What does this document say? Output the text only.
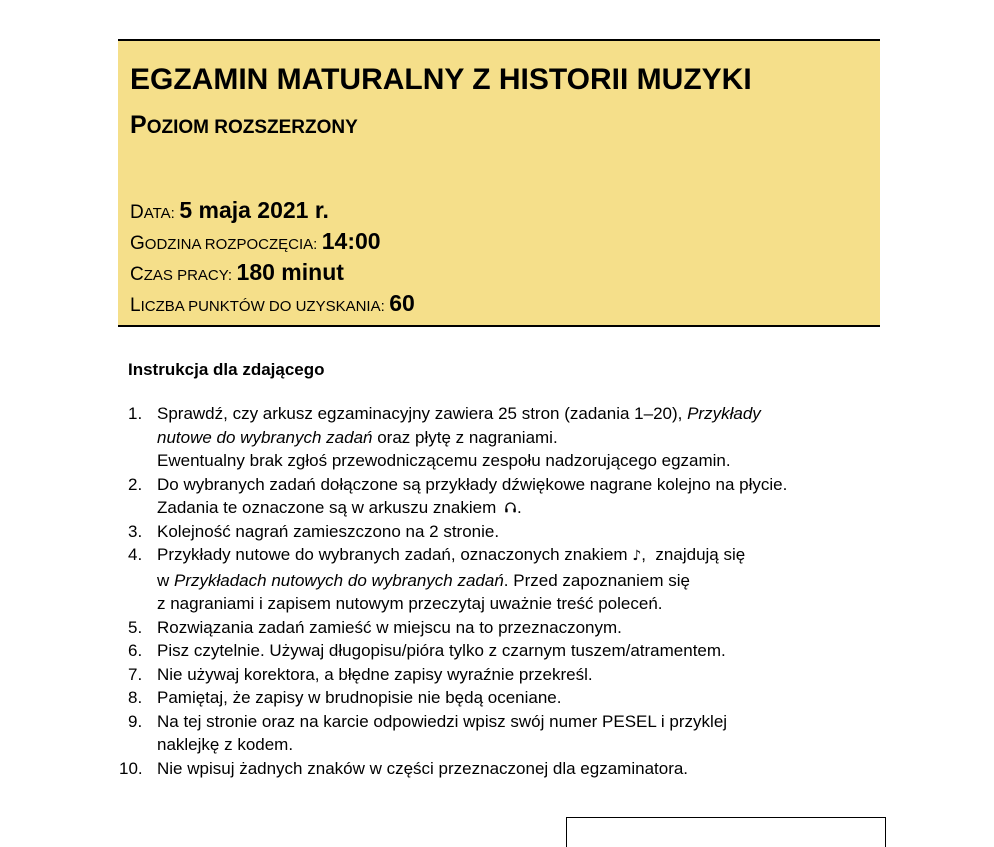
EGZAMIN MATURALNY Z HISTORII MUZYKI
POZIOM ROZSZERZONY
DATA: 5 maja 2021 r.
GODZINA ROZPOCZĘCIA: 14:00
CZAS PRACY: 180 minut
LICZBA PUNKTÓW DO UZYSKANIA: 60
Instrukcja dla zdającego
1. Sprawdź, czy arkusz egzaminacyjny zawiera 25 stron (zadania 1–20), Przykłady
nutowe do wybranych zadań oraz płytę z nagraniami.
Ewentualny brak zgłoś przewodniczącemu zespołu nadzorującego egzamin.
2. Do wybranych zadań dołączone są przykłady dźwiękowe nagrane kolejno na płycie.
Zadania te oznaczone są w arkuszu znakiem .
3. Kolejność nagrań zamieszczono na 2 stronie.
4. Przykłady nutowe do wybranych zadań, oznaczonych znakiem ♪,  znajdują się
w Przykładach nutowych do wybranych zadań. Przed zapoznaniem się
z nagraniami i zapisem nutowym przeczytaj uważnie treść poleceń.
5. Rozwiązania zadań zamieść w miejscu na to przeznaczonym.
6. Pisz czytelnie. Używaj długopisu/pióra tylko z czarnym tuszem/atramentem.
7. Nie używaj korektora, a błędne zapisy wyraźnie przekreśl.
8. Pamiętaj, że zapisy w brudnopisie nie będą oceniane.
9. Na tej stronie oraz na karcie odpowiedzi wpisz swój numer PESEL i przyklej
naklejkę z kodem.
10. Nie wpisuj żadnych znaków w części przeznaczonej dla egzaminatora.
